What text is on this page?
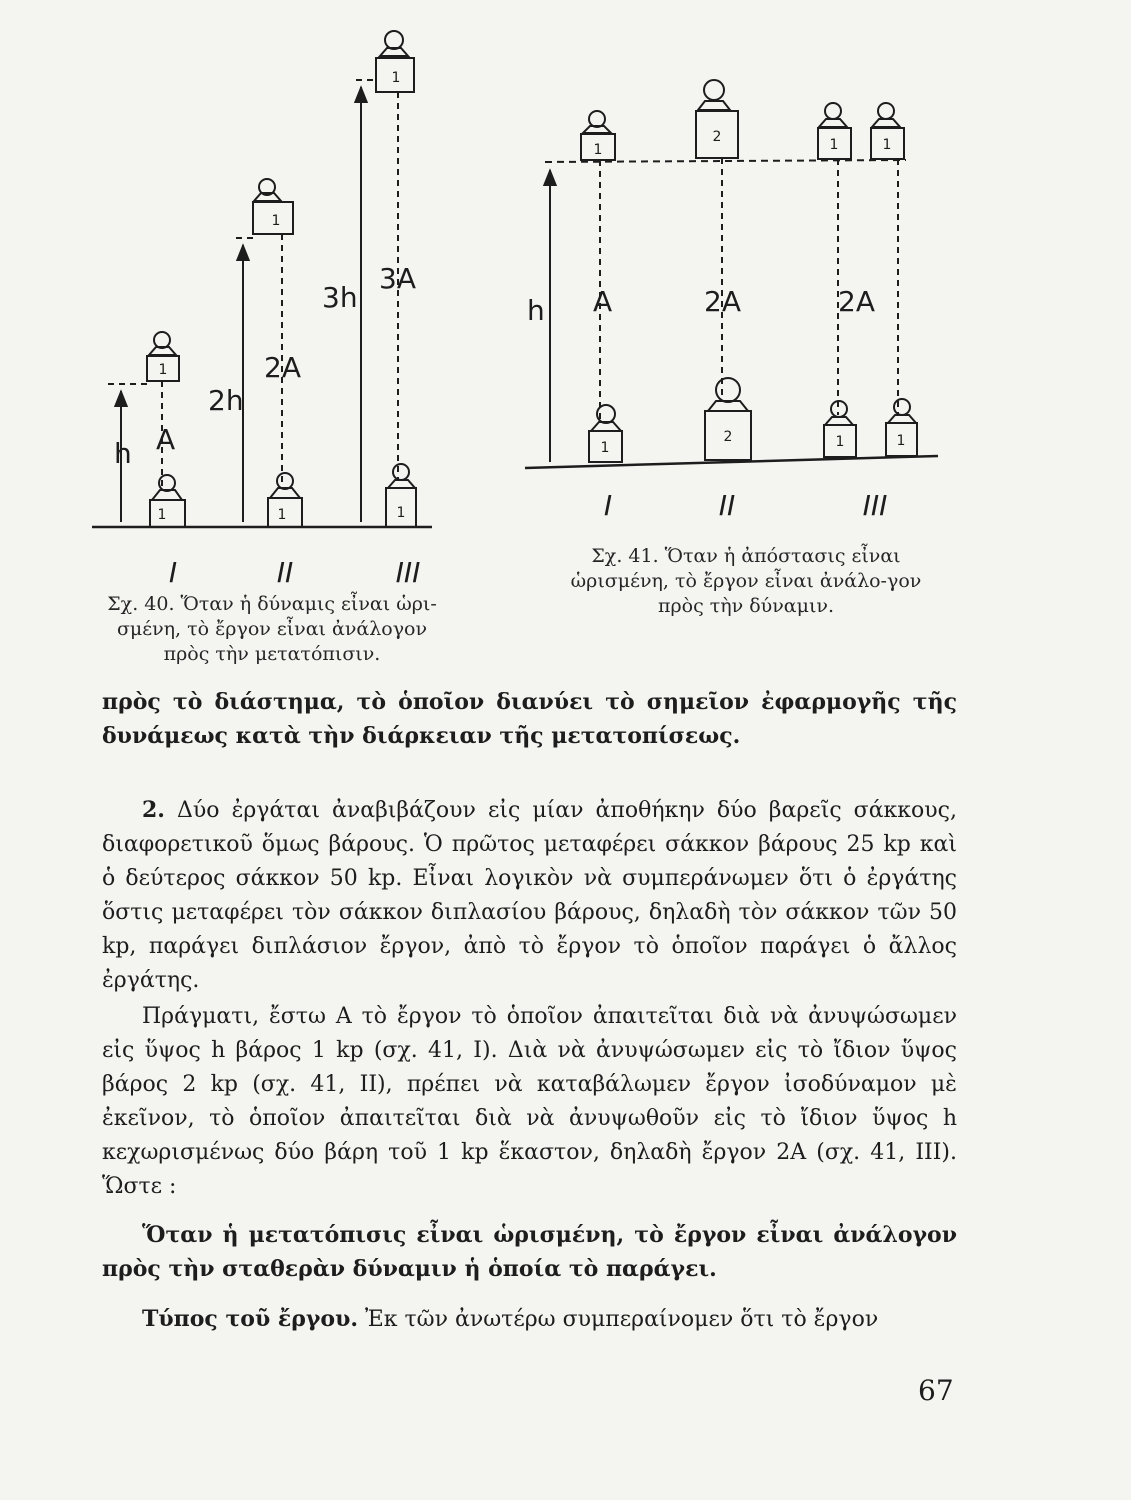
1	1	1
1
1
1
h
2h
3h
A
2A
3A
I	II	III
1
1
2
2
1	1
1	1
h A	2A	2A
I	II	III
Σχ. 40. Ὅταν ἡ δύναμις εἶναι ὡρι-σμένη, τὸ ἔργον εἶναι ἀνάλογον πρὸς τὴν μετατόπισιν.
Σχ. 41. Ὅταν ἡ ἀπόστασις εἶναι ὡρισμένη, τὸ ἔργον εἶναι ἀνάλο-γον πρὸς τὴν δύναμιν.
πρὸς τὸ διάστημα, τὸ ὁποῖον διανύει τὸ σημεῖον ἐφαρμογῆς τῆς δυνάμεως κατὰ τὴν διάρκειαν τῆς μετατοπίσεως.
2. Δύο ἐργάται ἀναβιβάζουν εἰς μίαν ἀποθήκην δύο βαρεῖς σάκκους, διαφορετικοῦ ὅμως βάρους. Ὁ πρῶτος μεταφέρει σάκκον βάρους 25 kp καὶ ὁ δεύτερος σάκκον 50 kp. Εἶναι λογικὸν νὰ συμπεράνωμεν ὅτι ὁ ἐργάτης ὅστις μεταφέρει τὸν σάκκον διπλασίου βάρους, δηλαδὴ τὸν σάκκον τῶν 50 kp, παράγει διπλάσιον ἔργον, ἀπὸ τὸ ἔργον τὸ ὁποῖον παράγει ὁ ἄλλος ἐργάτης.
Πράγματι, ἔστω Α τὸ ἔργον τὸ ὁποῖον ἀπαιτεῖται διὰ νὰ ἀνυψώσωμεν εἰς ὕψος h βάρος 1 kp (σχ. 41, I). Διὰ νὰ ἀνυψώσωμεν εἰς τὸ ἴδιον ὕψος βάρος 2 kp (σχ. 41, II), πρέπει νὰ καταβάλωμεν ἔργον ἰσοδύναμον μὲ ἐκεῖνον, τὸ ὁποῖον ἀπαιτεῖται διὰ νὰ ἀνυψωθοῦν εἰς τὸ ἴδιον ὕψος h κεχωρισμένως δύο βάρη τοῦ 1 kp ἕκαστον, δηλαδὴ ἔργον 2Α (σχ. 41, III). Ὥστε :
Ὅταν ἡ μετατόπισις εἶναι ὡρισμένη, τὸ ἔργον εἶναι ἀνάλογον πρὸς τὴν σταθερὰν δύναμιν ἡ ὁποία τὸ παράγει.
Τύπος τοῦ ἔργου. Ἐκ τῶν ἀνωτέρω συμπεραίνομεν ὅτι τὸ ἔργον
67
